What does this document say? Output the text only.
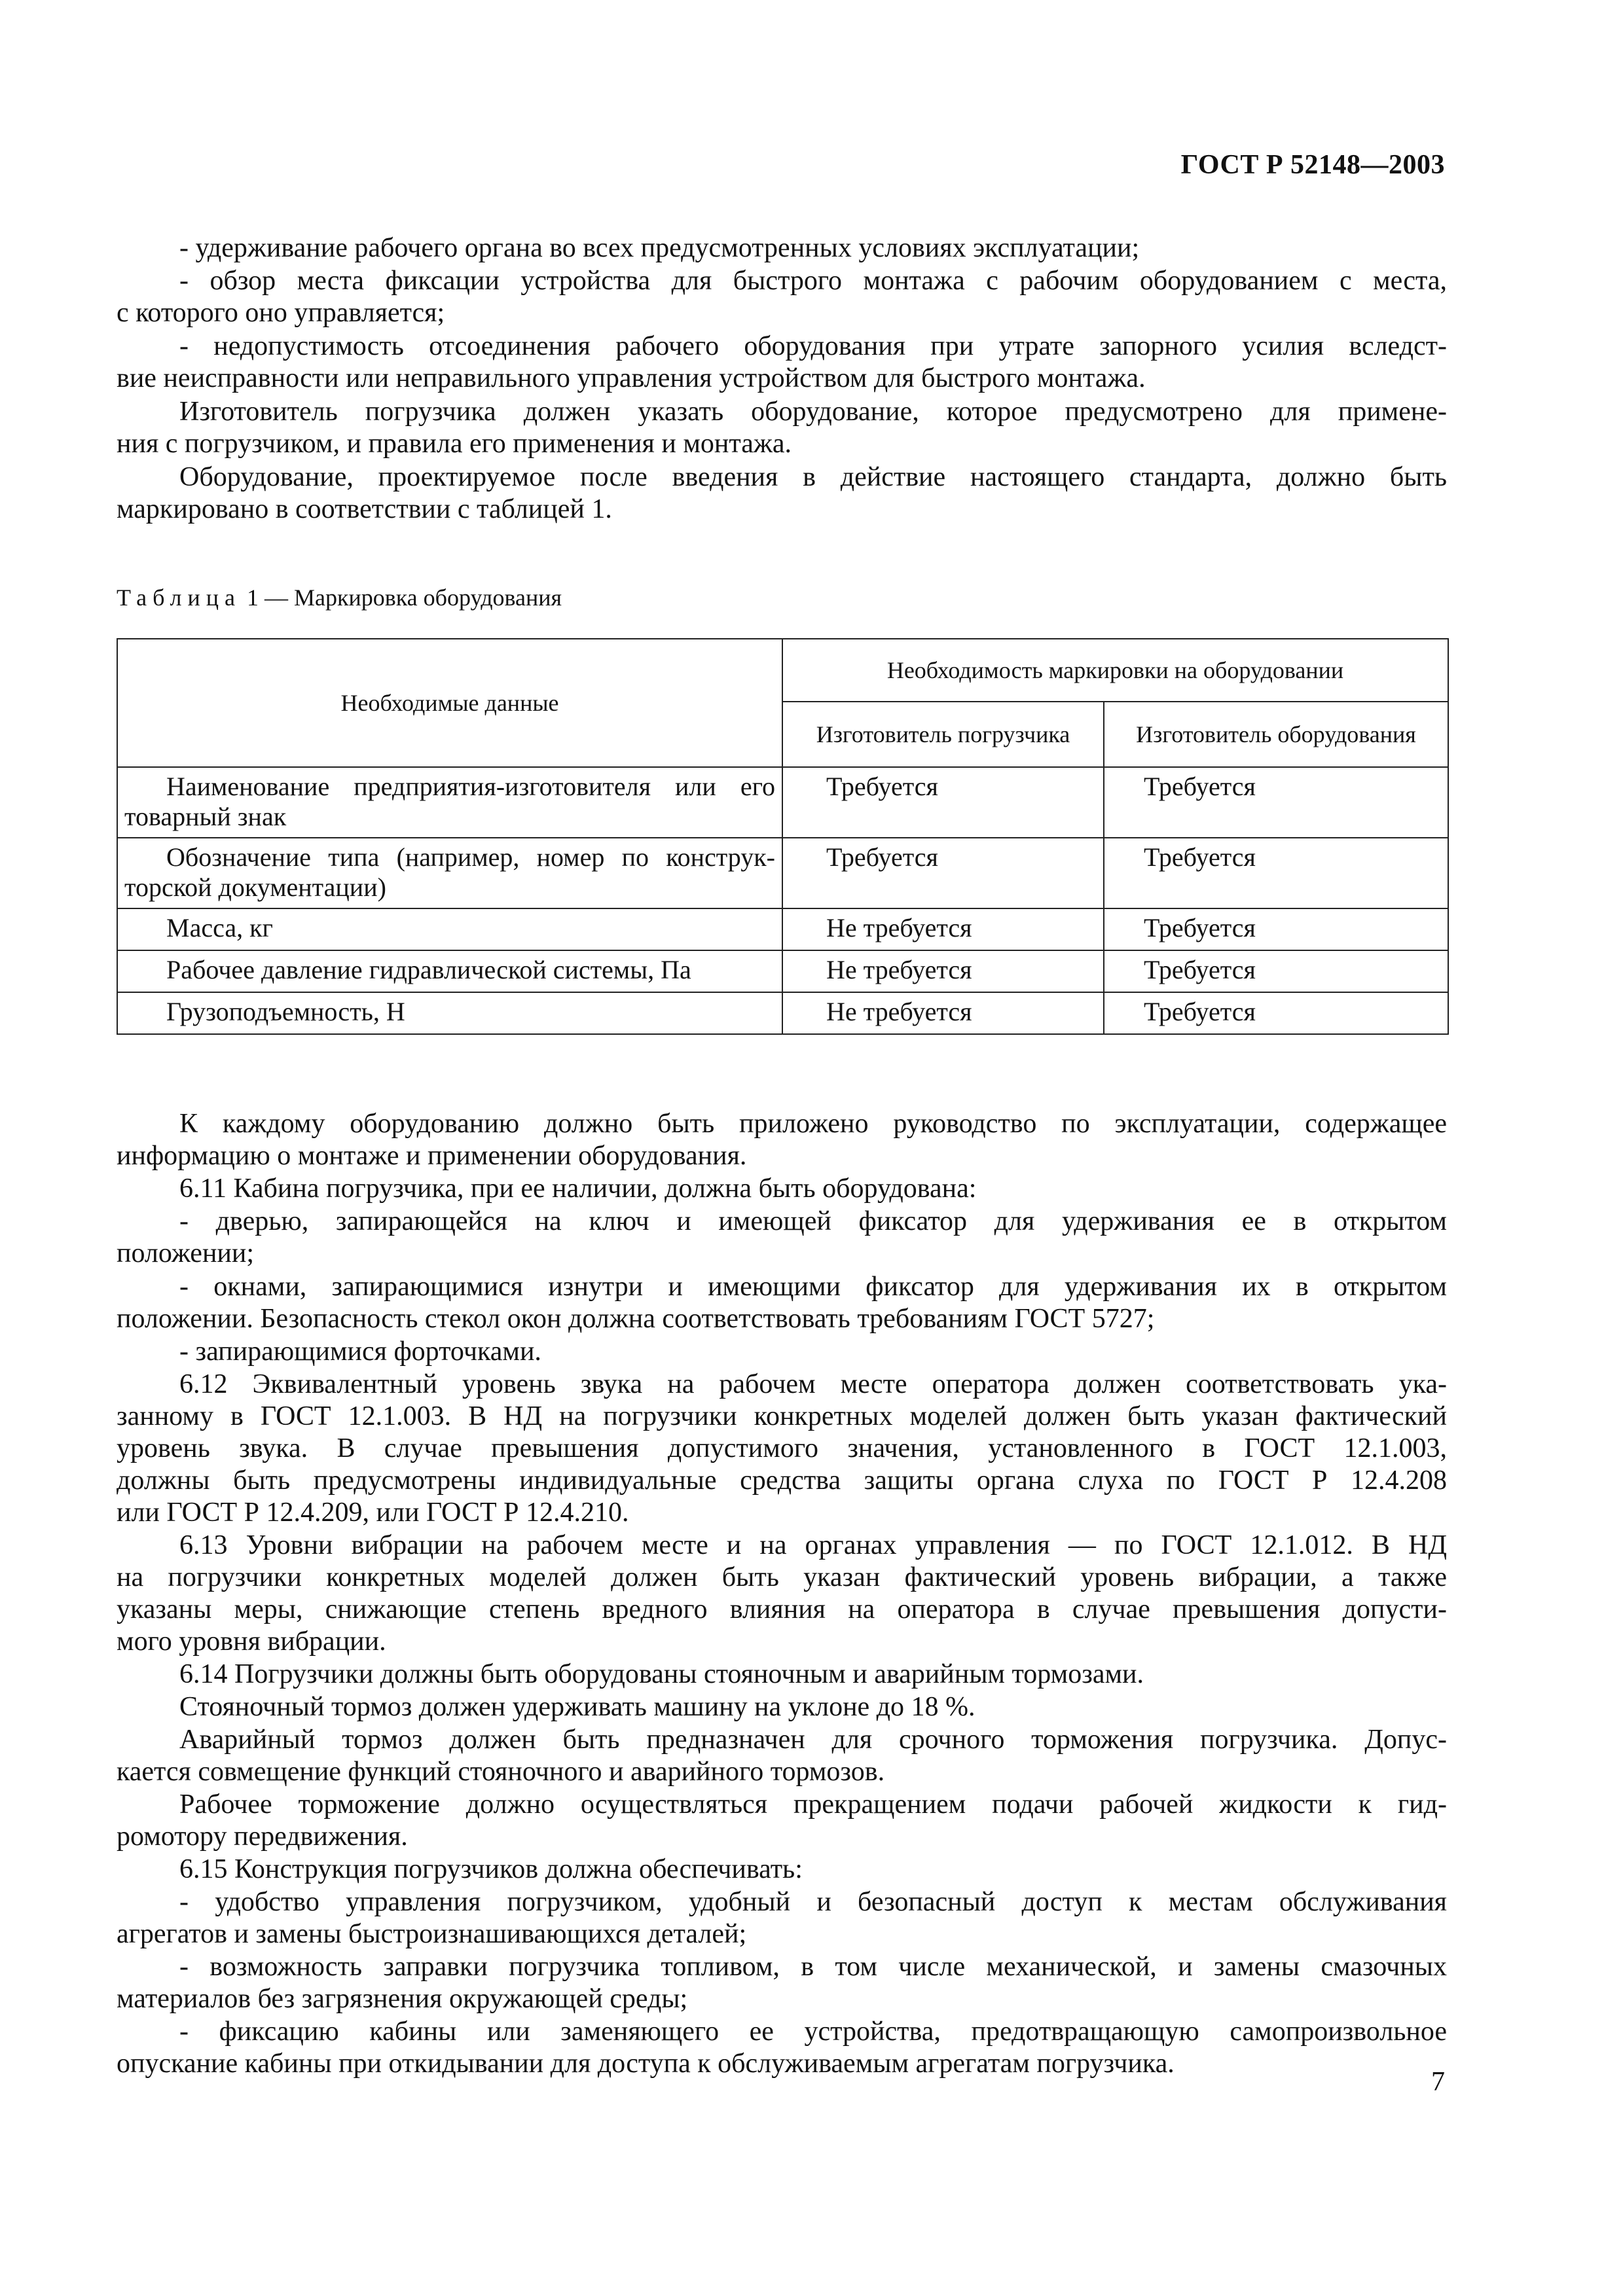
ГОСТ Р 52148—2003
- удерживание рабочего органа во всех предусмотренных условиях эксплуатации;
- обзор места фиксации устройства для быстрого монтажа с рабочим оборудованием с места,
с которого оно управляется;
- недопустимость отсоединения рабочего оборудования при утрате запорного усилия вследст-
вие неисправности или неправильного управления устройством для быстрого монтажа.
Изготовитель погрузчика должен указать оборудование, которое предусмотрено для примене-
ния с погрузчиком, и правила его применения и монтажа.
Оборудование, проектируемое после введения в действие настоящего стандарта, должно быть
маркировано в соответствии с таблицей 1.
Таблица 1 — Маркировка оборудования
Необходимые данные	Необходимость маркировки на оборудовании	
	Изготовитель погрузчика	Изготовитель оборудования

Наименование предприятия-изготовителя или его
товарный знак	Требуется	Требуется

Обозначение типа (например, номер по конструк-
торской документации)	Требуется	Требуется
Масса, кг	Не требуется	Требуется
Рабочее давление гидравлической системы, Па	Не требуется	Требуется
Грузоподъемность, Н	Не требуется	Требуется
К каждому оборудованию должно быть приложено руководство по эксплуатации, содержащее
информацию о монтаже и применении оборудования.
6.11 Кабина погрузчика, при ее наличии, должна быть оборудована:
- дверью, запирающейся на ключ и имеющей фиксатор для удерживания ее в открытом
положении;
- окнами, запирающимися изнутри и имеющими фиксатор для удерживания их в открытом
положении. Безопасность стекол окон должна соответствовать требованиям ГОСТ 5727;
- запирающимися форточками.
6.12 Эквивалентный уровень звука на рабочем месте оператора должен соответствовать ука-
занному в ГОСТ 12.1.003. В НД на погрузчики конкретных моделей должен быть указан фактический
уровень звука. В случае превышения допустимого значения, установленного в ГОСТ 12.1.003,
должны быть предусмотрены индивидуальные средства защиты органа слуха по ГОСТ Р 12.4.208
или ГОСТ Р 12.4.209, или ГОСТ Р 12.4.210.
6.13 Уровни вибрации на рабочем месте и на органах управления — по ГОСТ 12.1.012. В НД
на погрузчики конкретных моделей должен быть указан фактический уровень вибрации, а также
указаны меры, снижающие степень вредного влияния на оператора в случае превышения допусти-
мого уровня вибрации.
6.14 Погрузчики должны быть оборудованы стояночным и аварийным тормозами.
Стояночный тормоз должен удерживать машину на уклоне до 18 %.
Аварийный тормоз должен быть предназначен для срочного торможения погрузчика. Допус-
кается совмещение функций стояночного и аварийного тормозов.
Рабочее торможение должно осуществляться прекращением подачи рабочей жидкости к гид-
ромотору передвижения.
6.15 Конструкция погрузчиков должна обеспечивать:
- удобство управления погрузчиком, удобный и безопасный доступ к местам обслуживания
агрегатов и замены быстроизнашивающихся деталей;
- возможность заправки погрузчика топливом, в том числе механической, и замены смазочных
материалов без загрязнения окружающей среды;
- фиксацию кабины или заменяющего ее устройства, предотвращающую самопроизвольное
опускание кабины при откидывании для доступа к обслуживаемым агрегатам погрузчика.
7
